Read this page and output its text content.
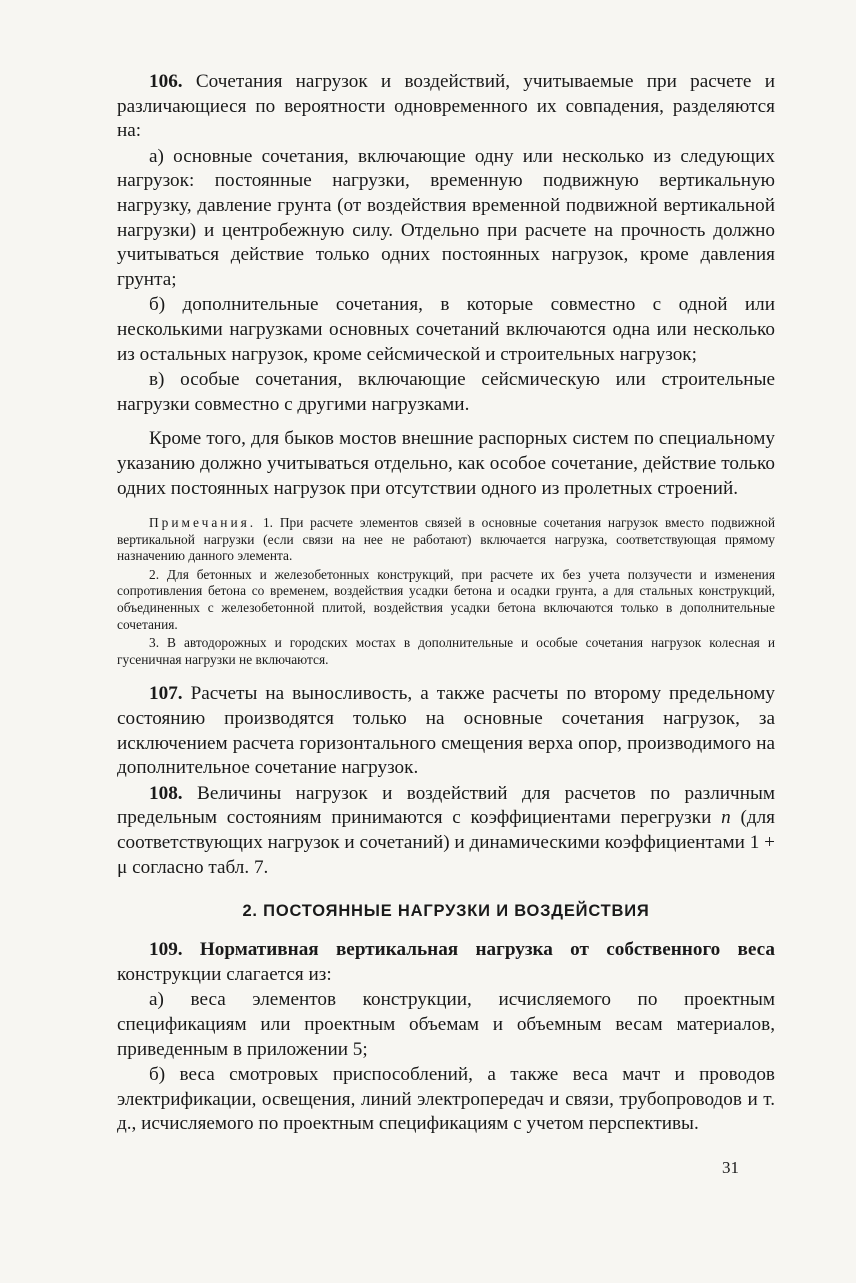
106. Сочетания нагрузок и воздействий, учитываемые при расчете и различающиеся по вероятности одновременного их совпадения, разделяются на:

а) основные сочетания, включающие одну или несколько из следующих нагрузок: постоянные нагрузки, временную подвижную вертикальную нагрузку, давление грунта (от воздействия временной подвижной вертикальной нагрузки) и центробежную силу. Отдельно при расчете на прочность должно учитываться действие только одних постоянных нагрузок, кроме давления грунта;

б) дополнительные сочетания, в которые совместно с одной или несколькими нагрузками основных сочетаний включаются одна или несколько из остальных нагрузок, кроме сейсмической и строительных нагрузок;

в) особые сочетания, включающие сейсмическую или строительные нагрузки совместно с другими нагрузками.

Кроме того, для быков мостов внешние распорных систем по специальному указанию должно учитываться отдельно, как особое сочетание, действие только одних постоянных нагрузок при отсутствии одного из пролетных строений.

Примечания. 1. При расчете элементов связей в основные сочетания нагрузок вместо подвижной вертикальной нагрузки (если связи на нее не работают) включается нагрузка, соответствующая прямому назначению данного элемента.

2. Для бетонных и железобетонных конструкций, при расчете их без учета ползучести и изменения сопротивления бетона со временем, воздействия усадки бетона и осадки грунта, а для стальных конструкций, объединенных с железобетонной плитой, воздействия усадки бетона включаются только в дополнительные сочетания.

3. В автодорожных и городских мостах в дополнительные и особые сочетания нагрузок колесная и гусеничная нагрузки не включаются.

107. Расчеты на выносливость, а также расчеты по второму предельному состоянию производятся только на основные сочетания нагрузок, за исключением расчета горизонтального смещения верха опор, производимого на дополнительное сочетание нагрузок.

108. Величины нагрузок и воздействий для расчетов по различным предельным состояниям принимаются с коэффициентами перегрузки n (для соответствующих нагрузок и сочетаний) и динамическими коэффициентами 1 + μ согласно табл. 7.

2. ПОСТОЯННЫЕ НАГРУЗКИ И ВОЗДЕЙСТВИЯ

109. Нормативная вертикальная нагрузка от собственного веса конструкции слагается из:

а) веса элементов конструкции, исчисляемого по проектным спецификациям или проектным объемам и объемным весам материалов, приведенным в приложении 5;

б) веса смотровых приспособлений, а также веса мачт и проводов электрификации, освещения, линий электропередач и связи, трубопроводов и т. д., исчисляемого по проектным спецификациям с учетом перспективы.

31
